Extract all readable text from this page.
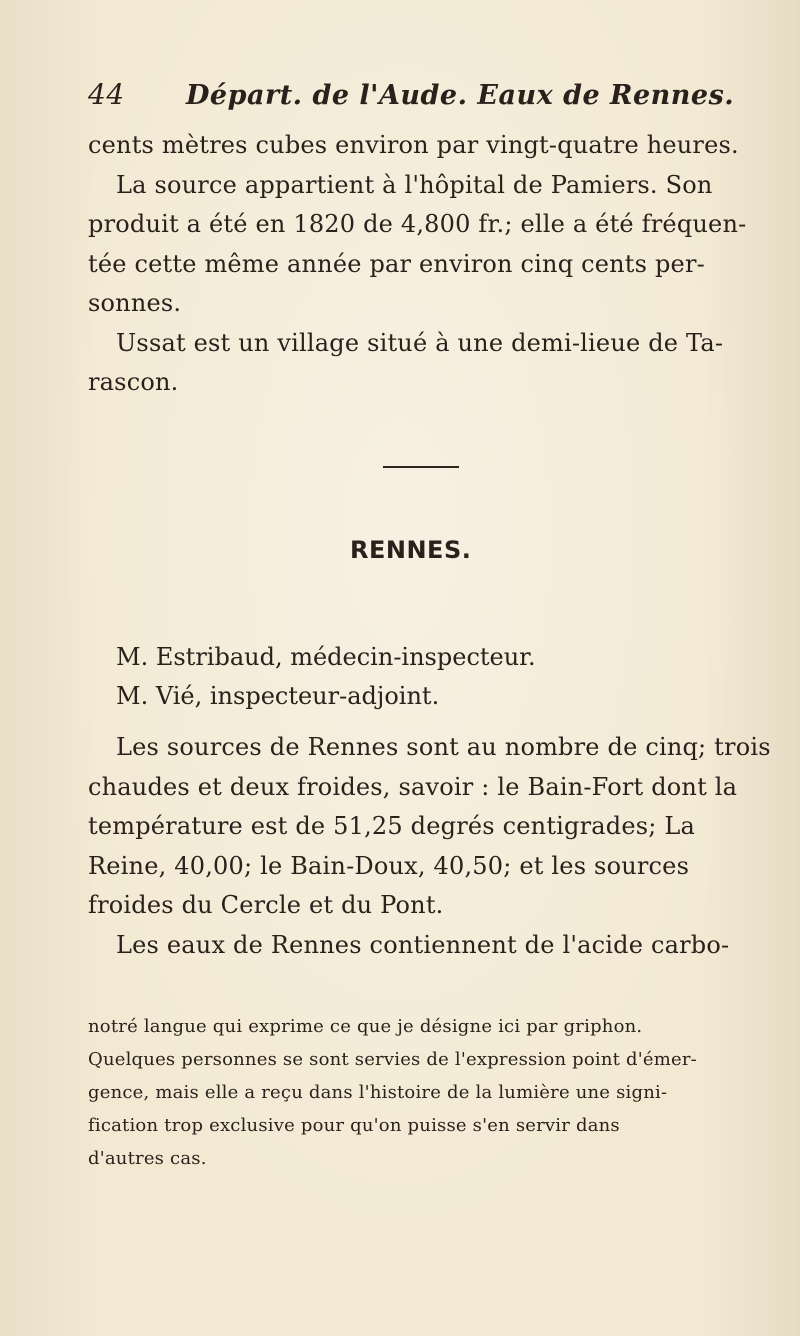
44	Départ. de l'Aude. Eaux de Rennes.
cents mètres cubes environ par vingt-quatre heures.
La source appartient à l'hôpital de Pamiers. Son
produit a été en 1820 de 4,800 fr.; elle a été fréquen-
tée cette même année par environ cinq cents per-
sonnes.
Ussat est un village situé à une demi-lieue de Ta-
rascon.
RENNES.
M. Estribaud, médecin-inspecteur.
M. Vié, inspecteur-adjoint.
Les sources de Rennes sont au nombre de cinq; trois
chaudes et deux froides, savoir : le Bain-Fort dont la
température est de 51,25 degrés centigrades; La
Reine, 40,00; le Bain-Doux, 40,50; et les sources
froides du Cercle et du Pont.
Les eaux de Rennes contiennent de l'acide carbo-
notré langue qui exprime ce que je désigne ici par griphon.
Quelques personnes se sont servies de l'expression point d'émer-
gence, mais elle a reçu dans l'histoire de la lumière une signi-
fication trop exclusive pour qu'on puisse s'en servir dans
d'autres cas.
